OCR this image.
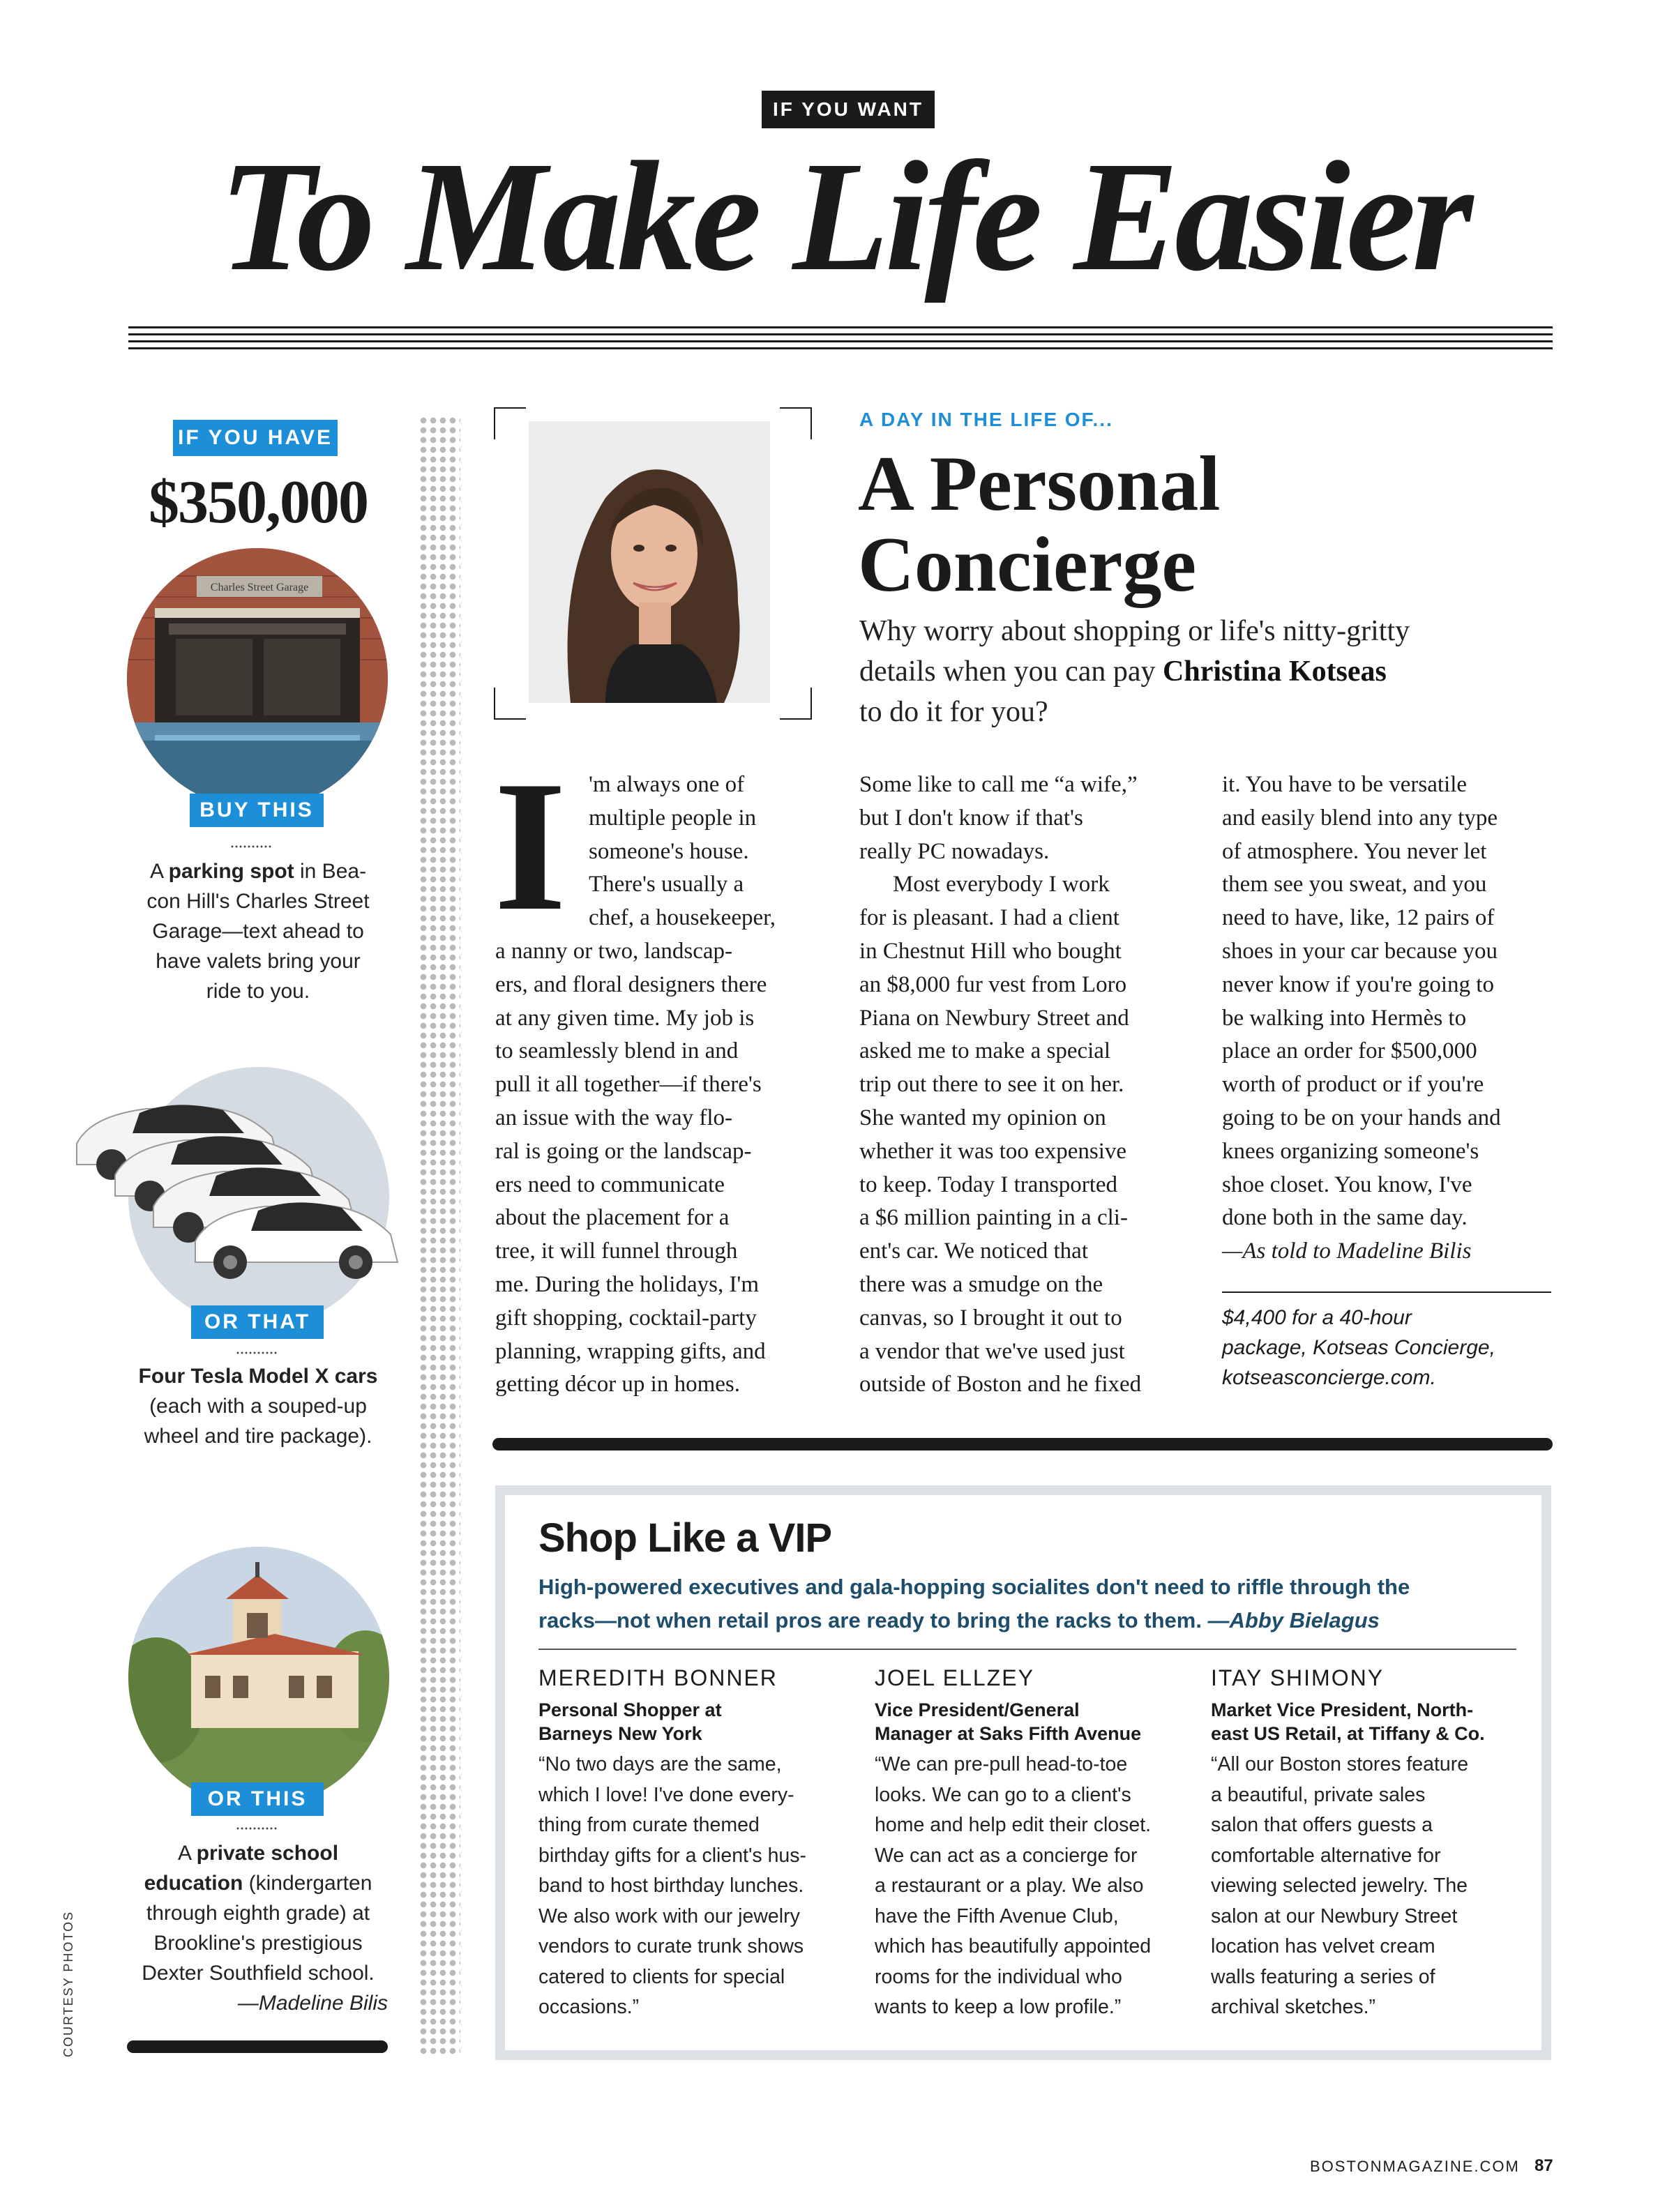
IF YOU WANT
To Make Life Easier
IF YOU HAVE
$350,000
Charles Street Garage
BUY THIS
A parking spot in Bea-
con Hill's Charles Street
Garage—text ahead to
have valets bring your
ride to you.
OR THAT
Four Tesla Model X cars
(each with a souped-up
wheel and tire package).
OR THIS
A private school
education (kindergarten
through eighth grade) at
Brookline's prestigious
Dexter Southfield school.
—Madeline Bilis
COURTESY PHOTOS
A DAY IN THE LIFE OF...
A Personal
Concierge
Why worry about shopping or life's nitty-gritty
details when you can pay Christina Kotseas
to do it for you?
I 'm always one of
multiple people in
someone's house.
There's usually a
chef, a housekeeper,
a nanny or two, landscap-
ers, and floral designers there
at any given time. My job is
to seamlessly blend in and
pull it all together—if there's
an issue with the way flo-
ral is going or the landscap-
ers need to communicate
about the placement for a
tree, it will funnel through
me. During the holidays, I'm
gift shopping, cocktail-party
planning, wrapping gifts, and
getting décor up in homes.
Some like to call me “a wife,”
but I don't know if that's
really PC nowadays.
Most everybody I work
for is pleasant. I had a client
in Chestnut Hill who bought
an $8,000 fur vest from Loro
Piana on Newbury Street and
asked me to make a special
trip out there to see it on her.
She wanted my opinion on
whether it was too expensive
to keep. Today I transported
a $6 million painting in a cli-
ent's car. We noticed that
there was a smudge on the
canvas, so I brought it out to
a vendor that we've used just
outside of Boston and he fixed
it. You have to be versatile
and easily blend into any type
of atmosphere. You never let
them see you sweat, and you
need to have, like, 12 pairs of
shoes in your car because you
never know if you're going to
be walking into Hermès to
place an order for $500,000
worth of product or if you're
going to be on your hands and
knees organizing someone's
shoe closet. You know, I've
done both in the same day.
—As told to Madeline Bilis
$4,400 for a 40-hour
package, Kotseas Concierge,
kotseasconcierge.com.
Shop Like a VIP
High-powered executives and gala-hopping socialites don't need to riffle through the
racks—not when retail pros are ready to bring the racks to them. —Abby Bielagus
MEREDITH BONNER
Personal Shopper at
Barneys New York
“No two days are the same,
which I love! I've done every-
thing from curate themed
birthday gifts for a client's hus-
band to host birthday lunches.
We also work with our jewelry
vendors to curate trunk shows
catered to clients for special
occasions.”
JOEL ELLZEY
Vice President/General
Manager at Saks Fifth Avenue
“We can pre-pull head-to-toe
looks. We can go to a client's
home and help edit their closet.
We can act as a concierge for
a restaurant or a play. We also
have the Fifth Avenue Club,
which has beautifully appointed
rooms for the individual who
wants to keep a low profile.”
ITAY SHIMONY
Market Vice President, North-
east US Retail, at Tiffany & Co.
“All our Boston stores feature
a beautiful, private sales
salon that offers guests a
comfortable alternative for
viewing selected jewelry. The
salon at our Newbury Street
location has velvet cream
walls featuring a series of
archival sketches.”
BOSTONMAGAZINE.COM 87
